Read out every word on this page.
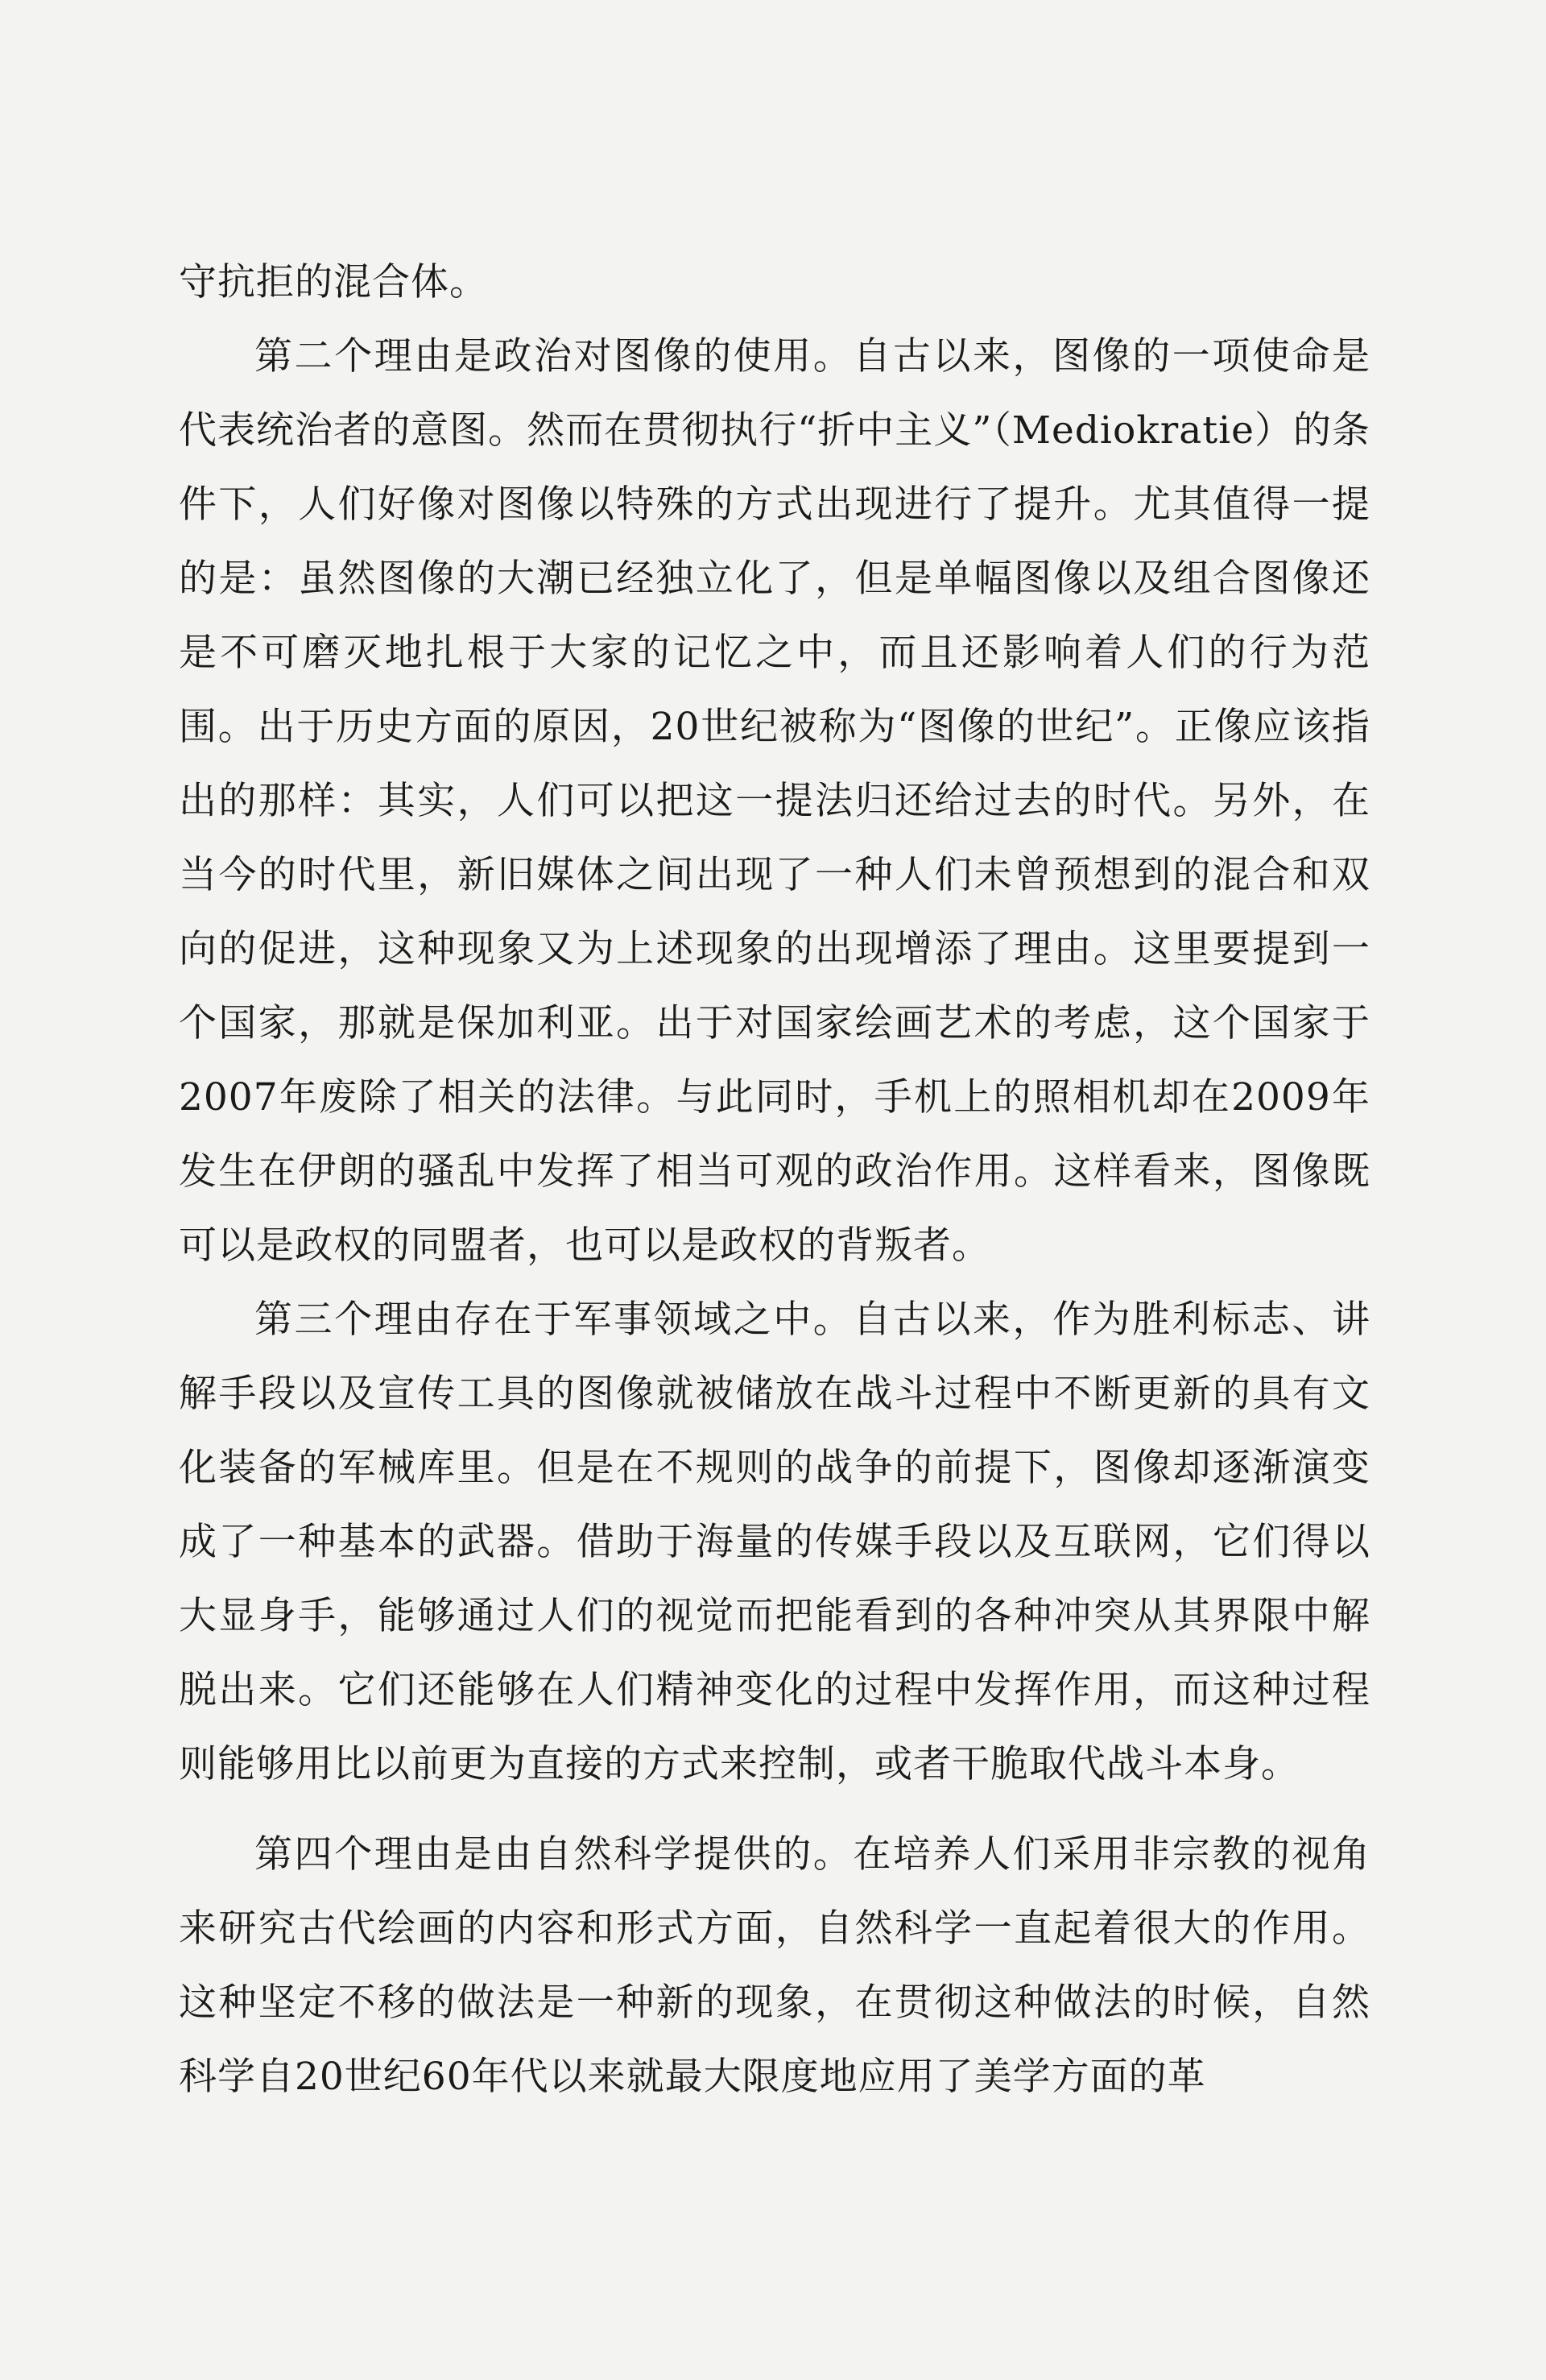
守抗拒的混合体。

第二个理由是政治对图像的使用。自古以来，图像的一项使命是代表统治者的意图。然而在贯彻执行“折中主义”（Mediokratie）的条件下，人们好像对图像以特殊的方式出现进行了提升。尤其值得一提的是：虽然图像的大潮已经独立化了，但是单幅图像以及组合图像还是不可磨灭地扎根于大家的记忆之中，而且还影响着人们的行为范围。出于历史方面的原因，20世纪被称为“图像的世纪”。正像应该指出的那样：其实，人们可以把这一提法归还给过去的时代。另外，在当今的时代里，新旧媒体之间出现了一种人们未曾预想到的混合和双向的促进，这种现象又为上述现象的出现增添了理由。这里要提到一个国家，那就是保加利亚。出于对国家绘画艺术的考虑，这个国家于2007年废除了相关的法律。与此同时，手机上的照相机却在2009年发生在伊朗的骚乱中发挥了相当可观的政治作用。这样看来，图像既可以是政权的同盟者，也可以是政权的背叛者。

第三个理由存在于军事领域之中。自古以来，作为胜利标志、讲解手段以及宣传工具的图像就被储放在战斗过程中不断更新的具有文化装备的军械库里。但是在不规则的战争的前提下，图像却逐渐演变成了一种基本的武器。借助于海量的传媒手段以及互联网，它们得以大显身手，能够通过人们的视觉而把能看到的各种冲突从其界限中解脱出来。它们还能够在人们精神变化的过程中发挥作用，而这种过程则能够用比以前更为直接的方式来控制，或者干脆取代战斗本身。

第四个理由是由自然科学提供的。在培养人们采用非宗教的视角来研究古代绘画的内容和形式方面，自然科学一直起着很大的作用。这种坚定不移的做法是一种新的现象，在贯彻这种做法的时候，自然科学自20世纪60年代以来就最大限度地应用了美学方面的革
